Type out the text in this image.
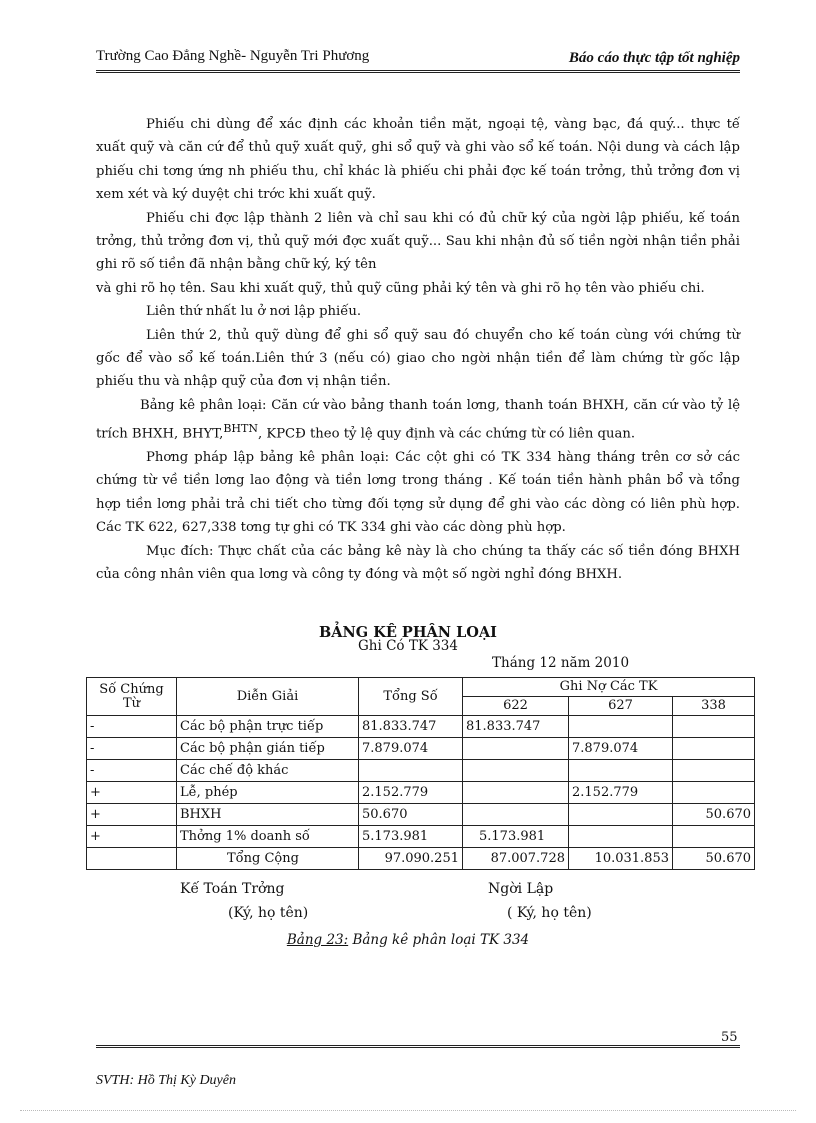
Trường Cao Đẳng Nghề- Nguyễn Tri Phương	Báo cáo thực tập tốt nghiệp

Phiếu chi dùng để xác định các khoản tiền mặt, ngoại tệ, vàng bạc, đá quý... thực tế xuất quỹ và căn cứ để thủ quỹ xuất quỹ, ghi sổ quỹ và ghi vào sổ kế toán. Nội dung và cách lập phiếu chi tơng ứng nh phiếu thu, chỉ khác là phiếu chi phải đợc kế toán trởng, thủ trởng đơn vị xem xét và ký duyệt chi trớc khi xuất quỹ.

Phiếu chi đợc lập thành 2 liên và chỉ sau khi có đủ chữ ký của ngời lập phiếu, kế toán trởng, thủ trởng đơn vị, thủ quỹ mới đợc xuất quỹ... Sau khi nhận đủ số tiền ngời nhận tiền phải ghi rõ số tiền đã nhận bằng chữ ký, ký tên

và ghi rõ họ tên. Sau khi xuất quỹ, thủ quỹ cũng phải ký tên và ghi rõ họ tên vào phiếu chi.

Liên thứ nhất lu ở nơi lập phiếu.

Liên thứ 2, thủ quỹ dùng để ghi sổ quỹ sau đó chuyển cho kế toán cùng với chứng từ gốc để vào sổ kế toán.Liên thứ 3 (nếu có) giao cho ngời nhận tiền để làm chứng từ gốc lập phiếu thu và nhập quỹ của đơn vị nhận tiền.

Bảng kê phân loại: Căn cứ vào bảng thanh toán lơng, thanh toán BHXH, căn cứ vào tỷ lệ trích BHXH, BHYT,$^{BHTN}$, KPCĐ theo tỷ lệ quy định và các chứng từ có liên quan.

Phơng pháp lập bảng kê phân loại: Các cột ghi có TK 334 hàng tháng trên cơ sở các chứng từ về tiền lơng lao động và tiền lơng trong tháng . Kế toán tiền hành phân bổ và tổng hợp tiền lơng phải trả chi tiết cho từng đối tợng sử dụng để ghi vào các dòng có liên phù hợp. Các TK 622, 627,338 tơng tự ghi có TK 334 ghi vào các dòng phù hợp.

Mục đích: Thực chất của các bảng kê này là cho chúng ta thấy các số tiền đóng BHXH của công nhân viên qua lơng và công ty đóng và một số ngời nghỉ đóng BHXH.

BẢNG KÊ PHÂN LOẠI
Ghi Có TK 334
Tháng 12 năm 2010
Số Chứng Từ	Diễn Giải	Tổng Số	Ghi Nợ Các TK		
			622	627	338
-	Các bộ phận trực tiếp	81.833.747	81.833.747		
-	Các bộ phận gián tiếp	7.879.074		7.879.074	
-	Các chế độ khác				
+	Lễ, phép	2.152.779		2.152.779	
+	BHXH	50.670			50.670
+	Thởng 1% doanh số	5.173.981	5.173.981		
	Tổng Cộng	97.090.251	87.007.728	10.031.853	50.670
Kế Toán Trởng
(Ký, họ tên)
Ngời Lập
( Ký, họ tên)
Bảng 23: Bảng kê phân loại TK 334
55
SVTH: Hồ Thị Kỳ Duyên
